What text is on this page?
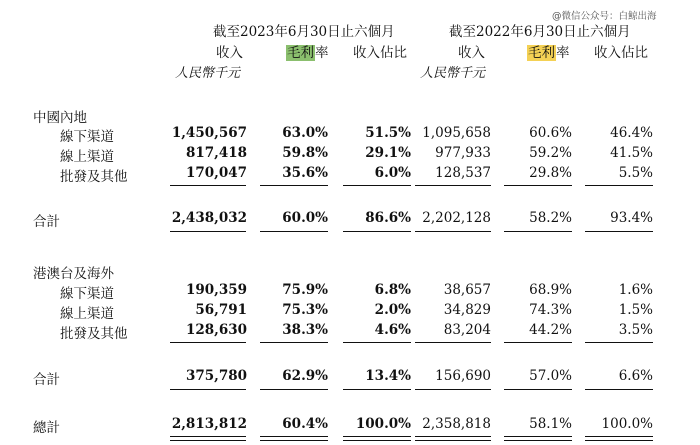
@微信公众号：白鲸出海
截至2023年6月30日止六個月	截至2022年6月30日止六個月
收入	毛利率 收入佔比
人民幣千元
收入	毛利率 收入佔比
人民幣千元
中國內地
線下渠道	1,450,567	63.0%	51.5% 1,095,658	60.6%	46.4%
線上渠道	817,418	59.8%	29.1% 977,933	59.2%	41.5%
批發及其他	170,047	35.6%	6.0% 128,537	29.8%	5.5%
合計	2,438,032	60.0%	86.6% 2,202,128	58.2%	93.4%
港澳台及海外
線下渠道	190,359	75.9%	6.8% 38,657	68.9%	1.6%
線上渠道	56,791	75.3%	2.0% 34,829	74.3%	1.5%
批發及其他	128,630	38.3%	4.6% 83,204	44.2%	3.5%
合計	375,780	62.9%	13.4% 156,690	57.0%	6.6%
總計	2,813,812	60.4% 100.0% 2,358,818	58.1% 100.0%
